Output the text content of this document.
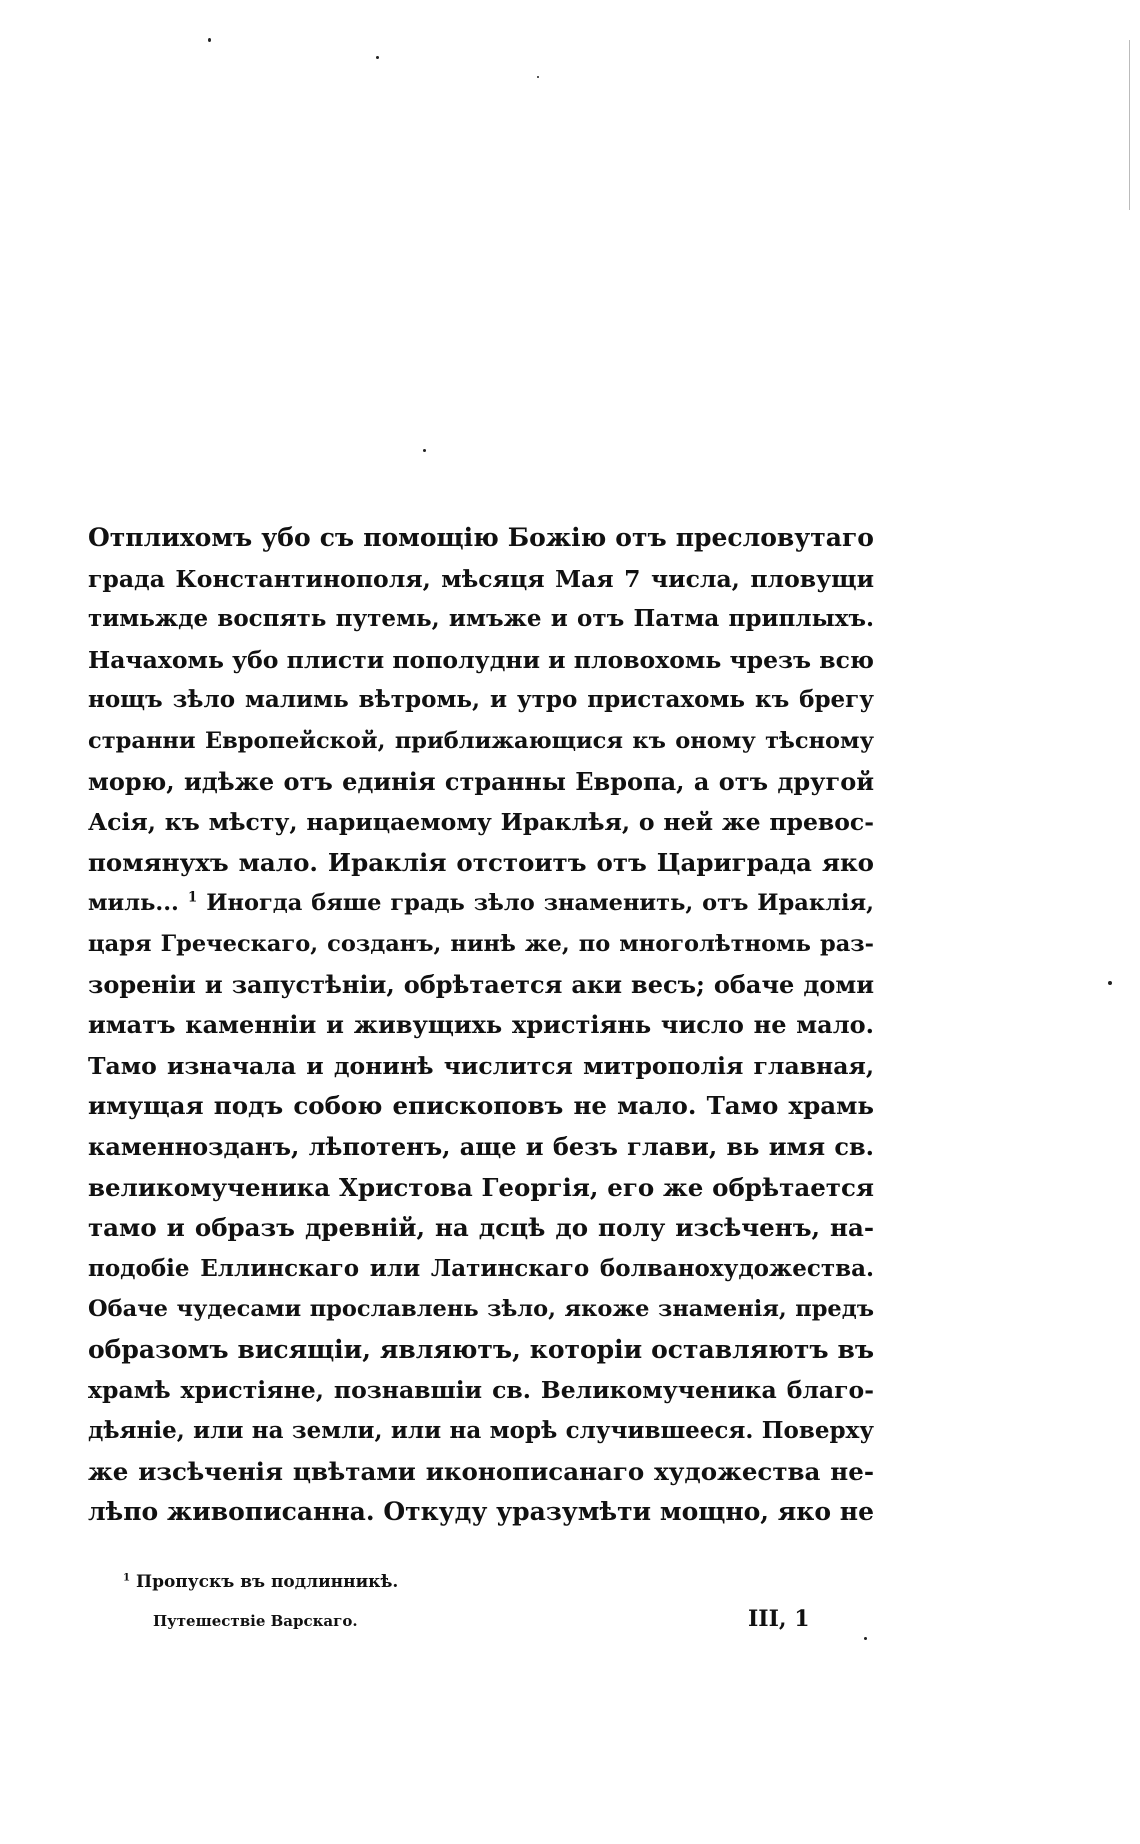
Отплихомъ убо съ помощію Божію отъ пресловутаго
града Константинополя, мѣсяця Мая 7 числа, пловущи
тимьжде воспять путемь, имъже и отъ Патма приплыхъ.
Начахомь убо плисти пополудни и пловохомь чрезъ всю
нощъ зѣло малимь вѣтромь, и утро пристахомь къ брегу
странни Европейской, приближающися къ оному тѣсному
морю, идѣже отъ единія странны Европа, а отъ другой
Асія, къ мѣсту, нарицаемому Ираклѣя, о ней же превос-
помянухъ мало. Ираклія отстоитъ отъ Цариграда яко
миль... $^1$ Иногда бяше градь зѣло знаменить, отъ Ираклія,
царя Греческаго, созданъ, нинѣ же, по многолѣтномь раз-
зореніи и запустѣніи, обрѣтается аки весъ; обаче доми
иматъ каменніи и живущихь христіянь число не мало.
Тамо изначала и донинѣ числится митрополія главная,
имущая подъ собою епископовъ не мало. Тамо храмь
каменнозданъ, лѣпотенъ, аще и безъ глави, вь имя св.
великомученика Христова Георгія, его же обрѣтается
тамо и образъ древній, на дсцѣ до полу изсѣченъ, на-
подобіе Еллинскаго или Латинскаго болванохудожества.
Обаче чудесами прославлень зѣло, якоже знаменія, предъ
образомъ висящіи, являютъ, которіи оставляютъ въ
храмѣ христіяне, познавшіи св. Великомученика благо-
дѣяніе, или на земли, или на морѣ случившееся. Поверху
же изсѣченія цвѣтами иконописанаго художества не-
лѣпо живописанна. Откуду уразумѣти мощно, яко не
$^1$ Пропускъ въ подлинникѣ.
Путешествіе Варскаго.	III, 1
